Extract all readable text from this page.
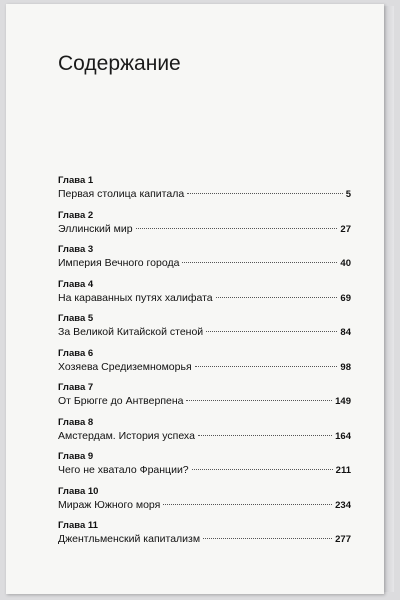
Содержание
Глава 1
Первая столица капитала	5
Глава 2
Эллинский мир	27
Глава 3
Империя Вечного города	40
Глава 4
На караванных путях халифата	69
Глава 5
За Великой Китайской стеной	84
Глава 6
Хозяева Средиземноморья	98
Глава 7
От Брюгге до Антверпена	149
Глава 8
Амстердам. История успеха	164
Глава 9
Чего не хватало Франции?	211
Глава 10
Мираж Южного моря	234
Глава 11
Джентльменский капитализм	277
